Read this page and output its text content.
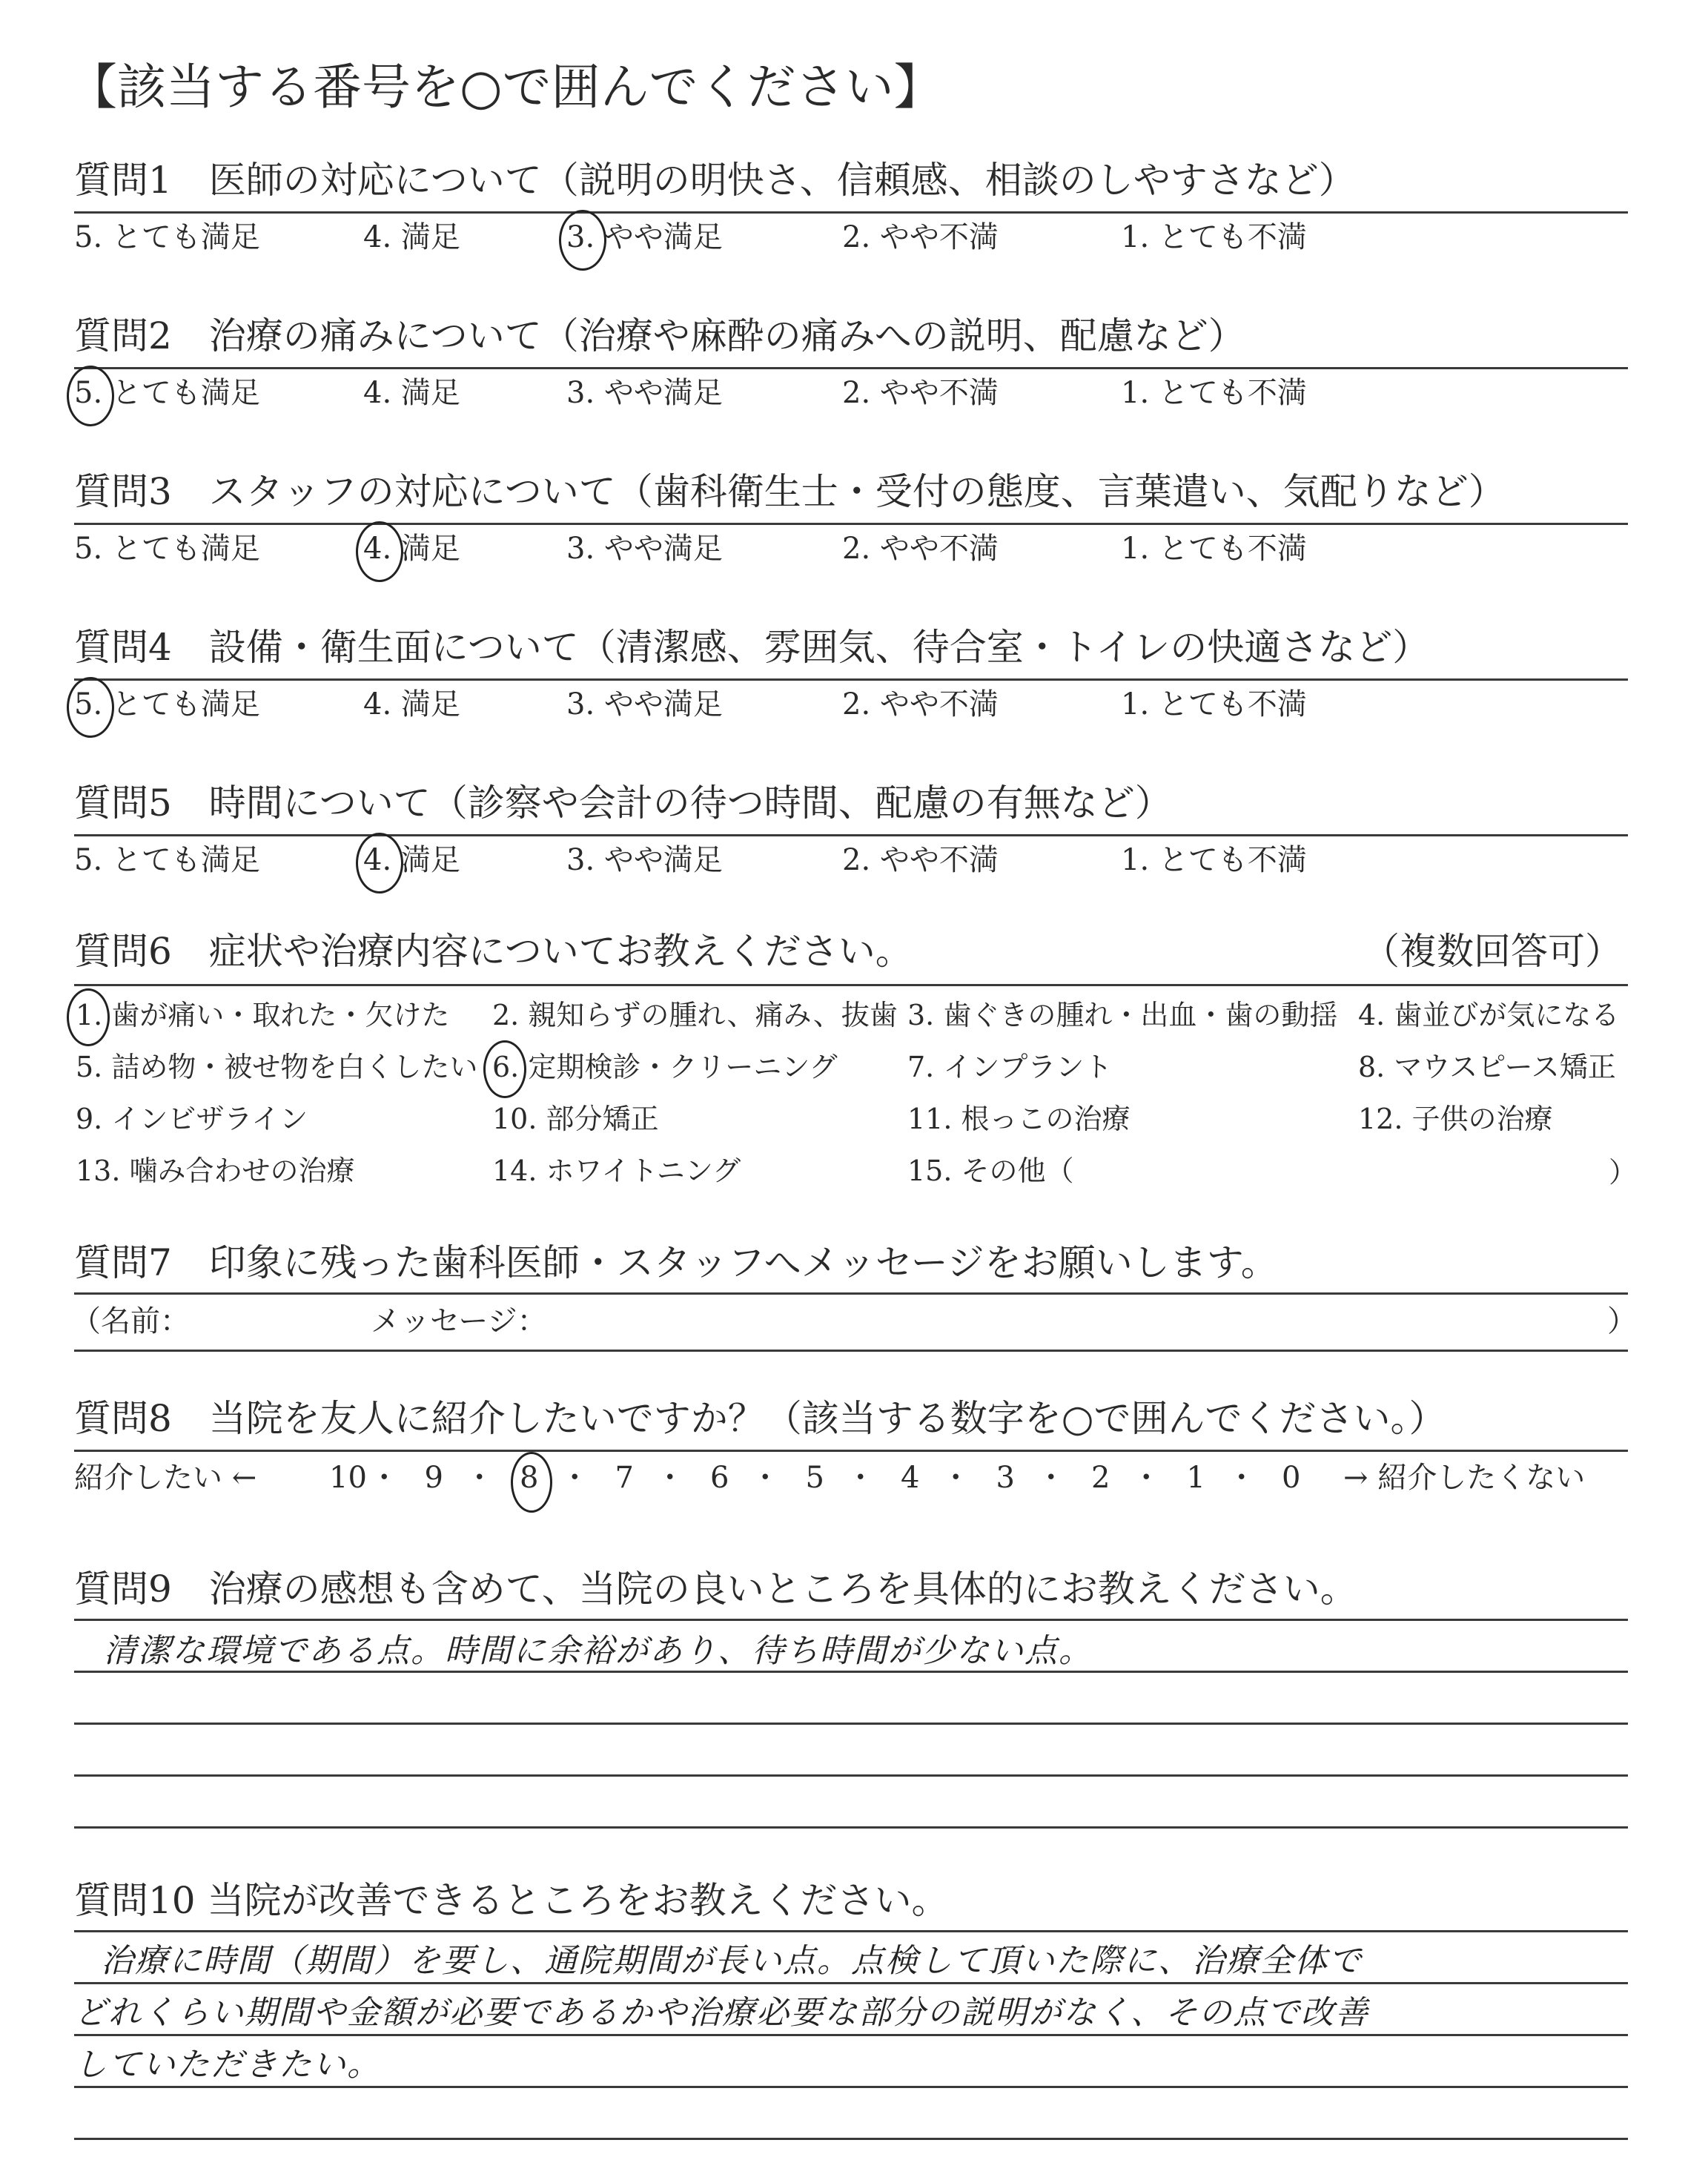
【該当する番号を○で囲んでください】
質問1　医師の対応について（説明の明快さ、信頼感、相談のしやすさなど）
5. とても満足	4. 満足	3. やや満足	2. やや不満	1. とても不満
質問2　治療の痛みについて（治療や麻酔の痛みへの説明、配慮など）
5. とても満足	4. 満足	3. やや満足	2. やや不満	1. とても不満
質問3　スタッフの対応について（歯科衛生士・受付の態度、言葉遣い、気配りなど）
5. とても満足	4. 満足	3. やや満足	2. やや不満	1. とても不満
質問4　設備・衛生面について（清潔感、雰囲気、待合室・トイレの快適さなど）
5. とても満足	4. 満足	3. やや満足	2. やや不満	1. とても不満
質問5　時間について（診察や会計の待つ時間、配慮の有無など）
5. とても満足	4. 満足	3. やや満足	2. やや不満	1. とても不満
質問6　症状や治療内容についてお教えください。	（複数回答可）
1. 歯が痛い・取れた・欠けた 2. 親知らずの腫れ、痛み、抜歯 3. 歯ぐきの腫れ・出血・歯の動揺 4. 歯並びが気になる
5. 詰め物・被せ物を白くしたい 6. 定期検診・クリーニング 7. インプラント	8. マウスピース矯正
9. インビザライン	10. 部分矯正	11. 根っこの治療	12. 子供の治療
13. 噛み合わせの治療	14. ホワイトニング	15. その他（	）
質問7　印象に残った歯科医師・スタッフへメッセージをお願いします。
（名前：	メッセージ：	）
質問8　当院を友人に紹介したいですか？（該当する数字を○で囲んでください。）
紹介したい ← 10 ・ 9 ・ 8 ・ 7 ・ 6 ・ 5 ・ 4 ・ 3 ・ 2 ・ 1 ・ 0 → 紹介したくない
質問9　治療の感想も含めて、当院の良いところを具体的にお教えください。
清潔な環境である点。時間に余裕があり、待ち時間が少ない点。
質問10 当院が改善できるところをお教えください。
治療に時間（期間）を要し、通院期間が長い点。点検して頂いた際に、治療全体で
どれくらい期間や金額が必要であるかや治療必要な部分の説明がなく、その点で改善
していただきたい。
